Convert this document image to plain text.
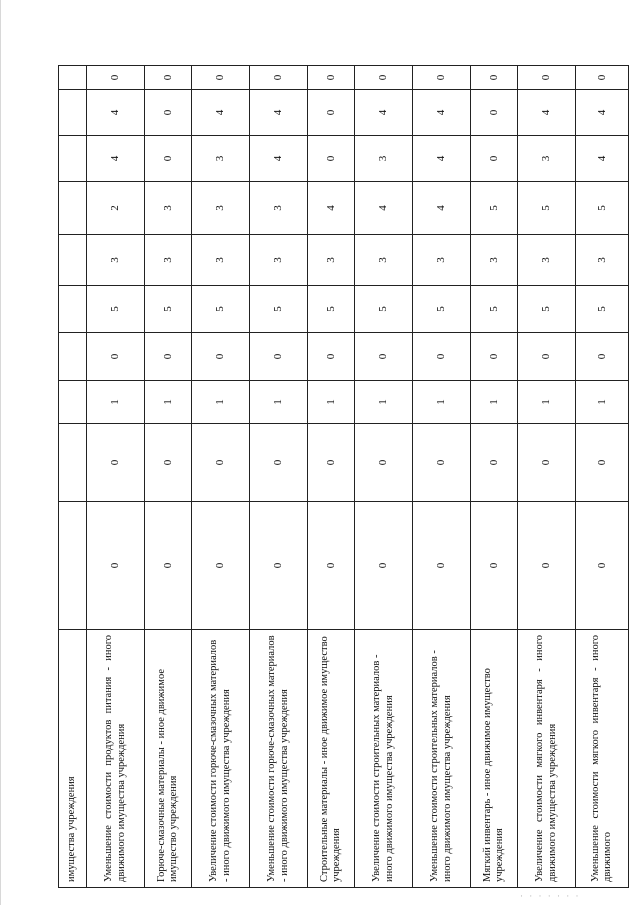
имущества учреждения										
Уменьшение стоимости продуктов питания - иного движимого имущества учреждения	0	0	1	0	5	3	2	4	4	0
Горюче-смазочные материалы - иное движимое имущество учреждения	0	0	1	0	5	3	3	0	0	0
Увеличение стоимости горюче-смазочных материалов - иного движимого имущества учреждения	0	0	1	0	5	3	3	3	4	0
Уменьшение стоимости горюче-смазочных материалов - иного движимого имущества учреждения	0	0	1	0	5	3	3	4	4	0
Строительные материалы - иное движимое имущество учреждения	0	0	1	0	5	3	4	0	0	0
Увеличение стоимости строительных материалов - иного движимого имущества учреждения	0	0	1	0	5	3	4	3	4	0
Уменьшение стоимости строительных материалов - иного движимого имущества учреждения	0	0	1	0	5	3	4	4	4	0
Мягкий инвентарь - иное движимое имущество учреждения	0	0	1	0	5	3	5	0	0	0
Увеличение стоимости мягкого инвентаря - иного движимого имущества учреждения	0	0	1	0	5	3	5	3	4	0
Уменьшение стоимости мягкого инвентаря - иного движимого	0	0	1	0	5	3	5	4	4	0
· · · · · · ·
